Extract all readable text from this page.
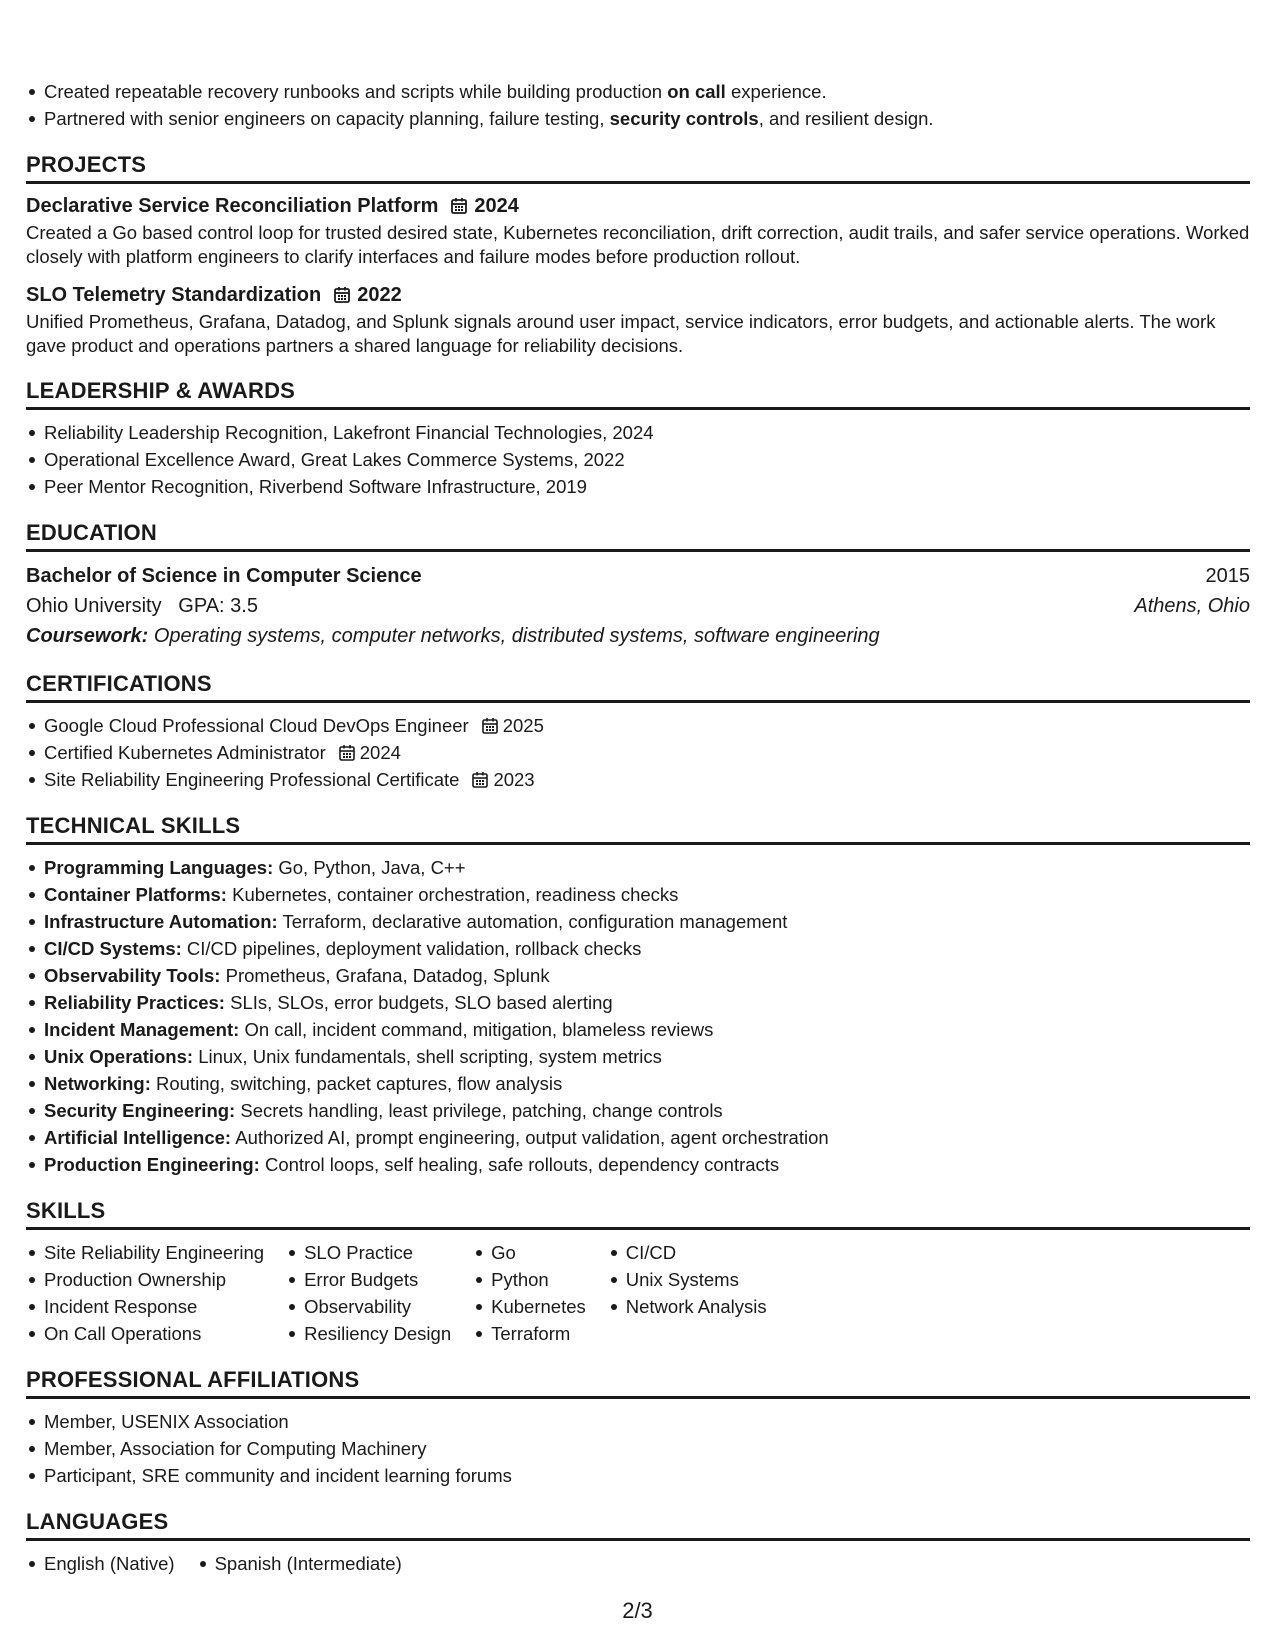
Created repeatable recovery runbooks and scripts while building production on call experience.
Partnered with senior engineers on capacity planning, failure testing, security controls, and resilient design.
PROJECTS
Declarative Service Reconciliation Platform 2024
Created a Go based control loop for trusted desired state, Kubernetes reconciliation, drift correction, audit trails, and safer service operations. Worked closely with platform engineers to clarify interfaces and failure modes before production rollout.
SLO Telemetry Standardization 2022
Unified Prometheus, Grafana, Datadog, and Splunk signals around user impact, service indicators, error budgets, and actionable alerts. The work gave product and operations partners a shared language for reliability decisions.
LEADERSHIP & AWARDS
Reliability Leadership Recognition, Lakefront Financial Technologies, 2024
Operational Excellence Award, Great Lakes Commerce Systems, 2022
Peer Mentor Recognition, Riverbend Software Infrastructure, 2019
EDUCATION
Bachelor of Science in Computer Science	2015
Ohio University GPA: 3.5	Athens, Ohio
Coursework: Operating systems, computer networks, distributed systems, software engineering
CERTIFICATIONS
Google Cloud Professional Cloud DevOps Engineer 2025
Certified Kubernetes Administrator 2024
Site Reliability Engineering Professional Certificate 2023
TECHNICAL SKILLS
Programming Languages: Go, Python, Java, C++
Container Platforms: Kubernetes, container orchestration, readiness checks
Infrastructure Automation: Terraform, declarative automation, configuration management
CI/CD Systems: CI/CD pipelines, deployment validation, rollback checks
Observability Tools: Prometheus, Grafana, Datadog, Splunk
Reliability Practices: SLIs, SLOs, error budgets, SLO based alerting
Incident Management: On call, incident command, mitigation, blameless reviews
Unix Operations: Linux, Unix fundamentals, shell scripting, system metrics
Networking: Routing, switching, packet captures, flow analysis
Security Engineering: Secrets handling, least privilege, patching, change controls
Artificial Intelligence: Authorized AI, prompt engineering, output validation, agent orchestration
Production Engineering: Control loops, self healing, safe rollouts, dependency contracts
SKILLS
Site Reliability Engineering
Production Ownership
Incident Response
On Call Operations
SLO Practice
Error Budgets
Observability
Resiliency Design
Go
Python
Kubernetes
Terraform
CI/CD
Unix Systems
Network Analysis
PROFESSIONAL AFFILIATIONS
Member, USENIX Association
Member, Association for Computing Machinery
Participant, SRE community and incident learning forums
LANGUAGES
English (Native)	Spanish (Intermediate)
2/3
